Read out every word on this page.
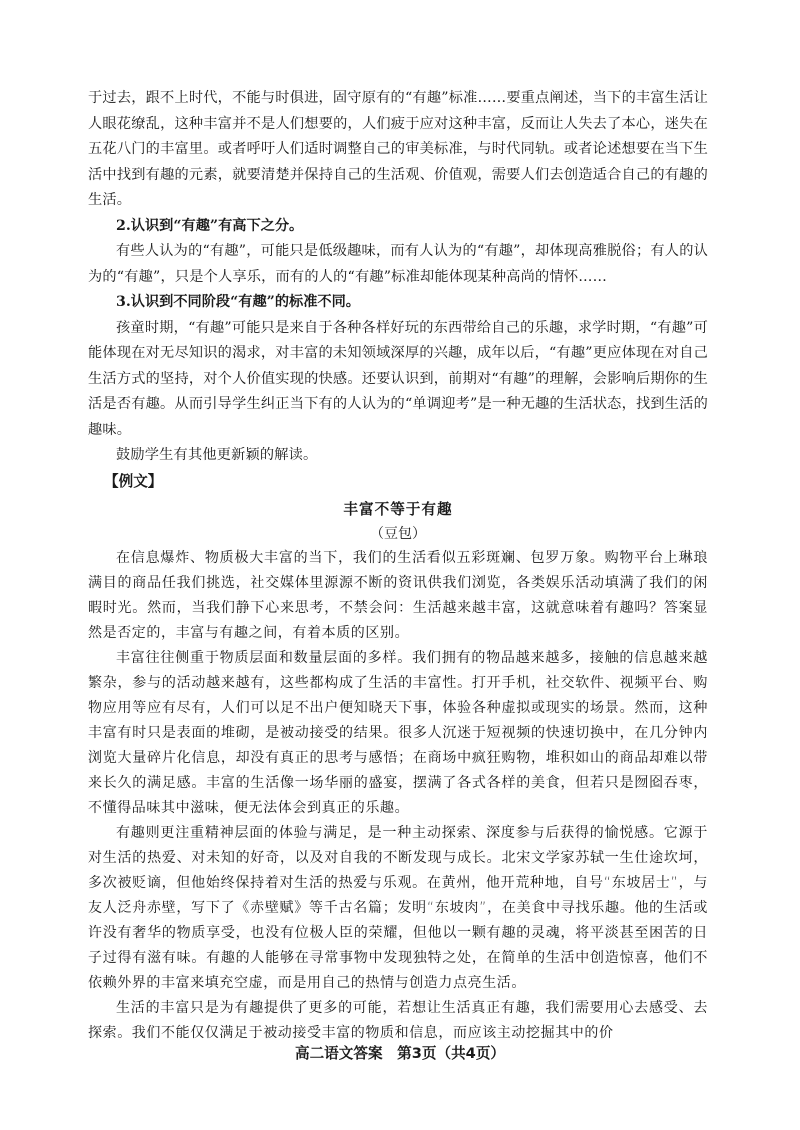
于过去，跟不上时代，不能与时俱进，固守原有的“有趣”标准……要重点阐述，当下的丰富生活让人眼花缭乱，这种丰富并不是人们想要的，人们疲于应对这种丰富，反而让人失去了本心，迷失在五花八门的丰富里。或者呼吁人们适时调整自己的审美标准，与时代同轨。或者论述想要在当下生活中找到有趣的元素，就要清楚并保持自己的生活观、价值观，需要人们去创造适合自己的有趣的生活。

2.认识到“有趣”有高下之分。

有些人认为的“有趣”，可能只是低级趣味，而有人认为的“有趣”，却体现高雅脱俗；有人的认为的“有趣”，只是个人享乐，而有的人的“有趣”标准却能体现某种高尚的情怀……

3.认识到不同阶段“有趣”的标准不同。

孩童时期，“有趣”可能只是来自于各种各样好玩的东西带给自己的乐趣，求学时期，“有趣”可能体现在对无尽知识的渴求，对丰富的未知领域深厚的兴趣，成年以后，“有趣”更应体现在对自己生活方式的坚持，对个人价值实现的快感。还要认识到，前期对“有趣”的理解，会影响后期你的生活是否有趣。从而引导学生纠正当下有的人认为的“单调迎考”是一种无趣的生活状态，找到生活的趣味。

鼓励学生有其他更新颖的解读。

【例文】

丰富不等于有趣

（豆包）

在信息爆炸、物质极大丰富的当下，我们的生活看似五彩斑斓、包罗万象。购物平台上琳琅满目的商品任我们挑选，社交媒体里源源不断的资讯供我们浏览，各类娱乐活动填满了我们的闲暇时光。然而，当我们静下心来思考，不禁会问：生活越来越丰富，这就意味着有趣吗？答案显然是否定的，丰富与有趣之间，有着本质的区别。

丰富往往侧重于物质层面和数量层面的多样。我们拥有的物品越来越多，接触的信息越来越繁杂，参与的活动越来越有，这些都构成了生活的丰富性。打开手机，社交软件、视频平台、购物应用等应有尽有，人们可以足不出户便知晓天下事，体验各种虚拟或现实的场景。然而，这种丰富有时只是表面的堆砌，是被动接受的结果。很多人沉迷于短视频的快速切换中，在几分钟内浏览大量碎片化信息，却没有真正的思考与感悟；在商场中疯狂购物，堆积如山的商品却难以带来长久的满足感。丰富的生活像一场华丽的盛宴，摆满了各式各样的美食，但若只是囫囵吞枣，不懂得品味其中滋味，便无法体会到真正的乐趣。

有趣则更注重精神层面的体验与满足，是一种主动探索、深度参与后获得的愉悦感。它源于对生活的热爱、对未知的好奇，以及对自我的不断发现与成长。北宋文学家苏轼一生仕途坎坷，多次被贬谪，但他始终保持着对生活的热爱与乐观。在黄州，他开荒种地，自号“东坡居士”，与友人泛舟赤壁，写下了《赤壁赋》等千古名篇；发明“东坡肉”，在美食中寻找乐趣。他的生活或许没有奢华的物质享受，也没有位极人臣的荣耀，但他以一颗有趣的灵魂，将平淡甚至困苦的日子过得有滋有味。有趣的人能够在寻常事物中发现独特之处，在简单的生活中创造惊喜，他们不依赖外界的丰富来填充空虚，而是用自己的热情与创造力点亮生活。

生活的丰富只是为有趣提供了更多的可能，若想让生活真正有趣，我们需要用心去感受、去探索。我们不能仅仅满足于被动接受丰富的物质和信息，而应该主动挖掘其中的价

高二语文答案　第3页（共4页）
